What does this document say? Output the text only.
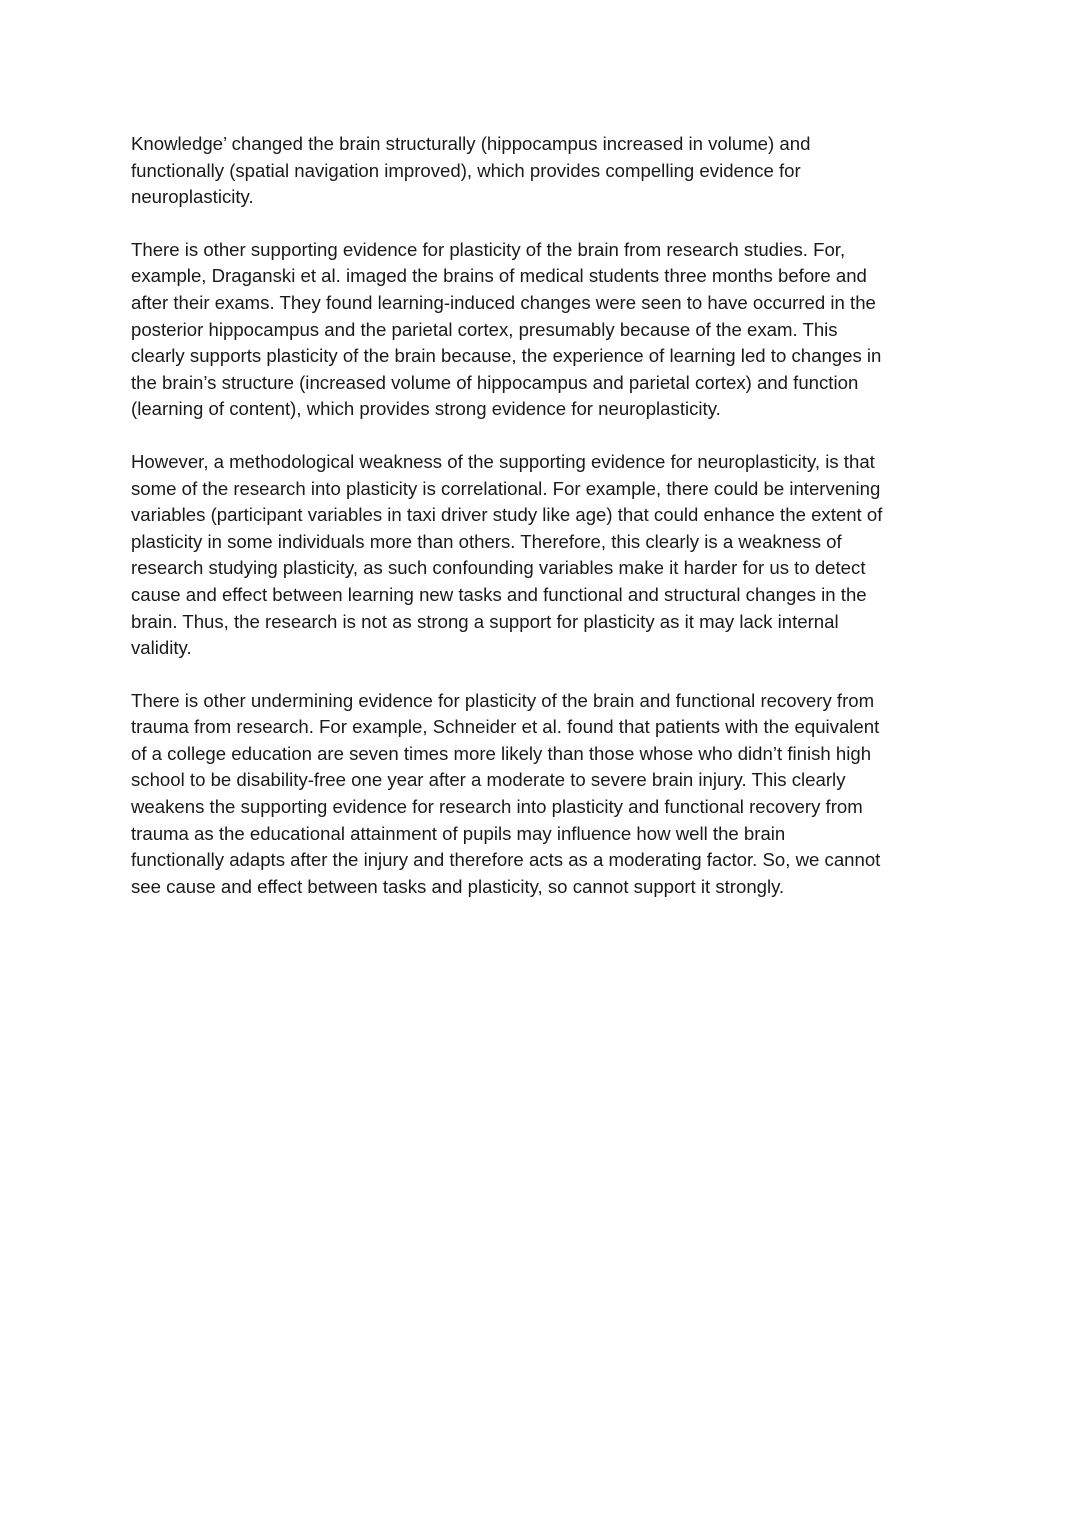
Knowledge’ changed the brain structurally (hippocampus increased in volume) and
functionally (spatial navigation improved), which provides compelling evidence for
neuroplasticity.

There is other supporting evidence for plasticity of the brain from research studies. For,
example, Draganski et al. imaged the brains of medical students three months before and
after their exams. They found learning-induced changes were seen to have occurred in the
posterior hippocampus and the parietal cortex, presumably because of the exam. This
clearly supports plasticity of the brain because, the experience of learning led to changes in
the brain’s structure (increased volume of hippocampus and parietal cortex) and function
(learning of content), which provides strong evidence for neuroplasticity.

However, a methodological weakness of the supporting evidence for neuroplasticity, is that
some of the research into plasticity is correlational. For example, there could be intervening
variables (participant variables in taxi driver study like age) that could enhance the extent of
plasticity in some individuals more than others. Therefore, this clearly is a weakness of
research studying plasticity, as such confounding variables make it harder for us to detect
cause and effect between learning new tasks and functional and structural changes in the
brain. Thus, the research is not as strong a support for plasticity as it may lack internal
validity.

There is other undermining evidence for plasticity of the brain and functional recovery from
trauma from research. For example, Schneider et al. found that patients with the equivalent
of a college education are seven times more likely than those whose who didn’t finish high
school to be disability-free one year after a moderate to severe brain injury. This clearly
weakens the supporting evidence for research into plasticity and functional recovery from
trauma as the educational attainment of pupils may influence how well the brain
functionally adapts after the injury and therefore acts as a moderating factor. So, we cannot
see cause and effect between tasks and plasticity, so cannot support it strongly.
